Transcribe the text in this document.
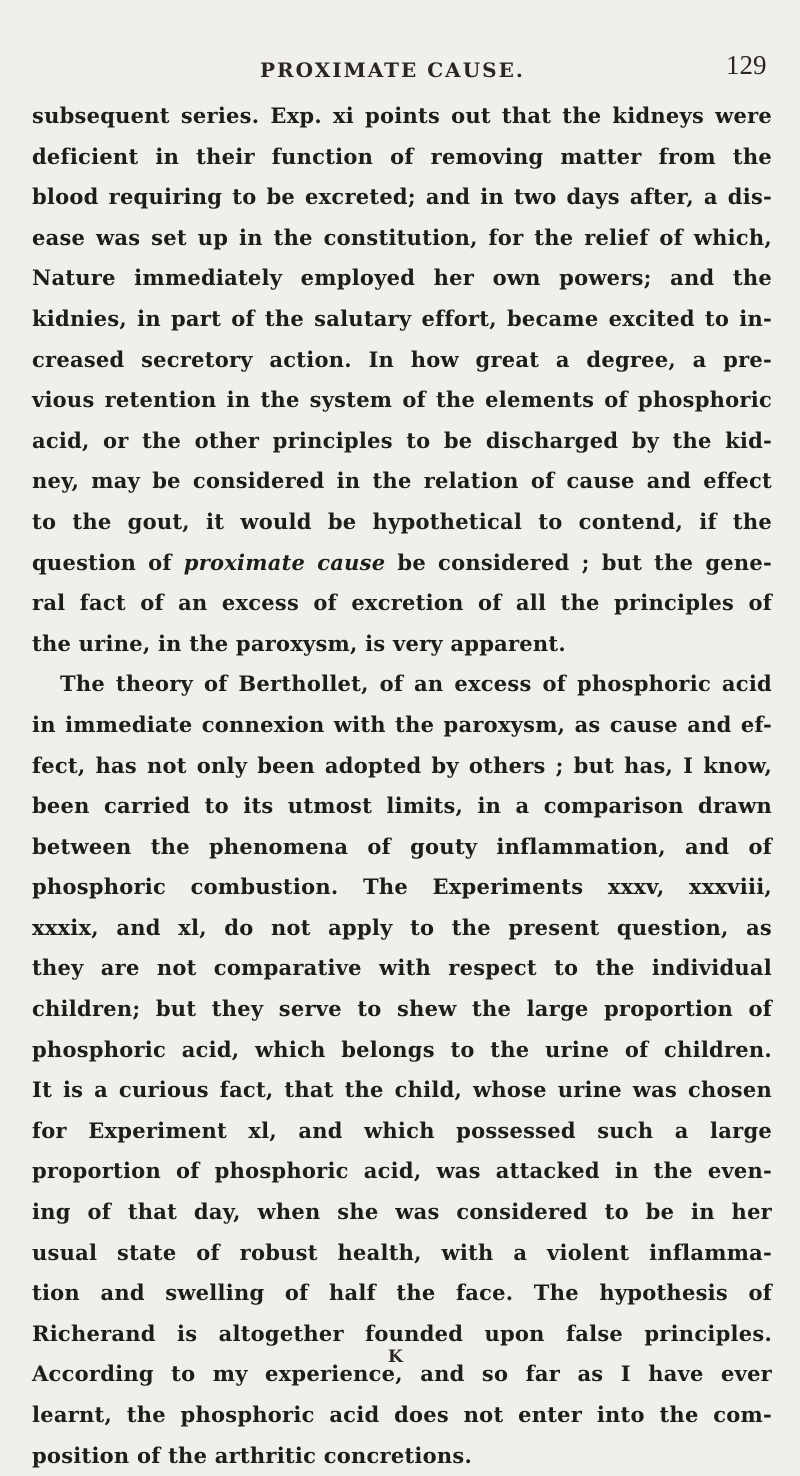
PROXIMATE CAUSE.	129
subsequent series. Exp. xi points out that the kidneys were
deficient in their function of removing matter from the
blood requiring to be excreted; and in two days after, a dis-
ease was set up in the constitution, for the relief of which,
Nature immediately employed her own powers; and the
kidnies, in part of the salutary effort, became excited to in-
creased secretory action. In how great a degree, a pre-
vious retention in the system of the elements of phosphoric
acid, or the other principles to be discharged by the kid-
ney, may be considered in the relation of cause and effect
to the gout, it would be hypothetical to contend, if the
question of proximate cause be considered ; but the gene-
ral fact of an excess of excretion of all the principles of
the urine, in the paroxysm, is very apparent.
The theory of Berthollet, of an excess of phosphoric acid
in immediate connexion with the paroxysm, as cause and ef-
fect, has not only been adopted by others ; but has, I know,
been carried to its utmost limits, in a comparison drawn
between the phenomena of gouty inflammation, and of
phosphoric combustion. The Experiments xxxv, xxxviii,
xxxix, and xl, do not apply to the present question, as
they are not comparative with respect to the individual
children; but they serve to shew the large proportion of
phosphoric acid, which belongs to the urine of children.
It is a curious fact, that the child, whose urine was chosen
for Experiment xl, and which possessed such a large
proportion of phosphoric acid, was attacked in the even-
ing of that day, when she was considered to be in her
usual state of robust health, with a violent inflamma-
tion and swelling of half the face. The hypothesis of
Richerand is altogether founded upon false principles.
According to my experience, and so far as I have ever
learnt, the phosphoric acid does not enter into the com-
position of the arthritic concretions.
K
